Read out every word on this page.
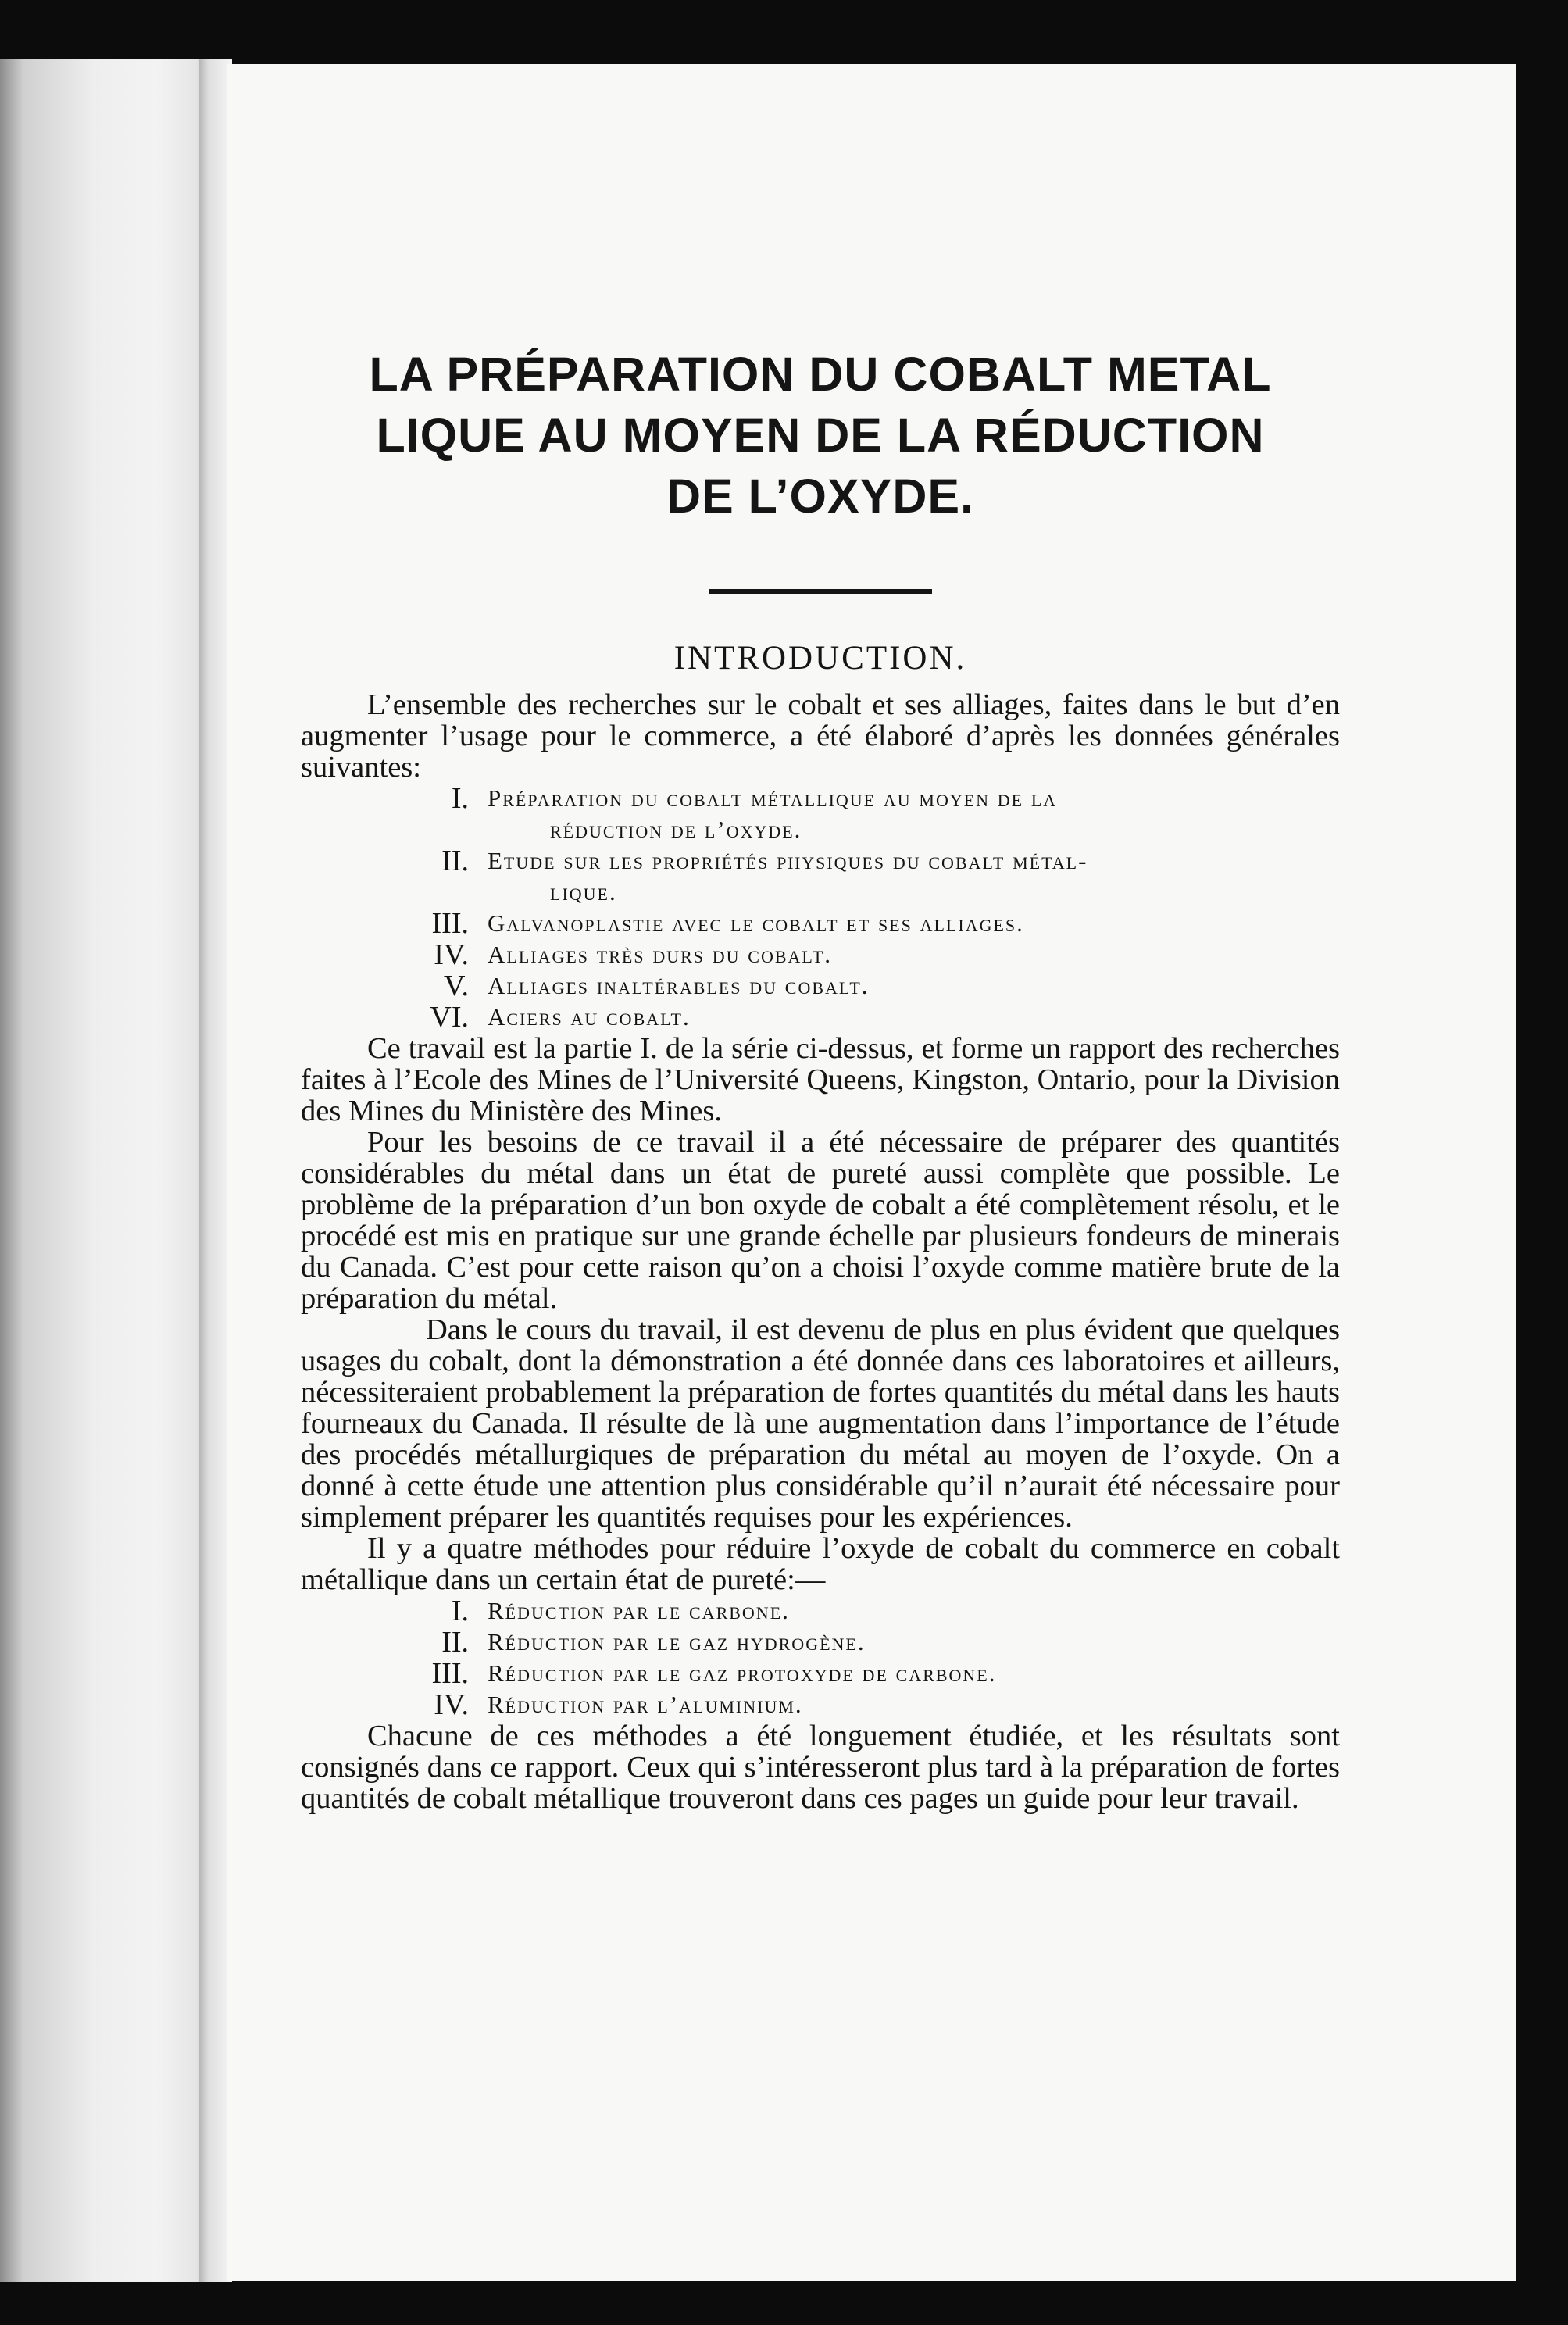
LA PRÉPARATION DU COBALT METAL
LIQUE AU MOYEN DE LA RÉDUCTION
DE L’OXYDE.
INTRODUCTION.

L’ensemble des recherches sur le cobalt et ses alliages, faites dans le but d’en augmenter l’usage pour le commerce, a été élaboré d’après les données générales suivantes:

I. Préparation du cobalt métallique au moyen de la
réduction de l’oxyde.
II. Etude sur les propriétés physiques du cobalt métal-
lique.
III. Galvanoplastie avec le cobalt et ses alliages.
IV. Alliages très durs du cobalt.
V. Alliages inaltérables du cobalt.
VI. Aciers au cobalt.

Ce travail est la partie I. de la série ci-dessus, et forme un rapport des recherches faites à l’Ecole des Mines de l’Université Queens, Kingston, Ontario, pour la Division des Mines du Ministère des Mines.

Pour les besoins de ce travail il a été nécessaire de préparer des quantités considérables du métal dans un état de pureté aussi complète que possible. Le problème de la préparation d’un bon oxyde de cobalt a été complètement résolu, et le procédé est mis en pratique sur une grande échelle par plusieurs fondeurs de minerais du Canada. C’est pour cette raison qu’on a choisi l’oxyde comme matière brute de la préparation du métal.

Dans le cours du travail, il est devenu de plus en plus évident que quelques usages du cobalt, dont la démonstration a été donnée dans ces laboratoires et ailleurs, nécessiteraient probablement la préparation de fortes quantités du métal dans les hauts fourneaux du Canada. Il résulte de là une augmentation dans l’importance de l’étude des procédés métallurgiques de préparation du métal au moyen de l’oxyde. On a donné à cette étude une attention plus considérable qu’il n’aurait été nécessaire pour simplement préparer les quantités requises pour les expériences.

Il y a quatre méthodes pour réduire l’oxyde de cobalt du commerce en cobalt métallique dans un certain état de pureté:—

I. Réduction par le carbone.
II. Réduction par le gaz hydrogène.
III. Réduction par le gaz protoxyde de carbone.
IV. Réduction par l’aluminium.

Chacune de ces méthodes a été longuement étudiée, et les résultats sont consignés dans ce rapport. Ceux qui s’intéresseront plus tard à la préparation de fortes quantités de cobalt métallique trouveront dans ces pages un guide pour leur travail.
